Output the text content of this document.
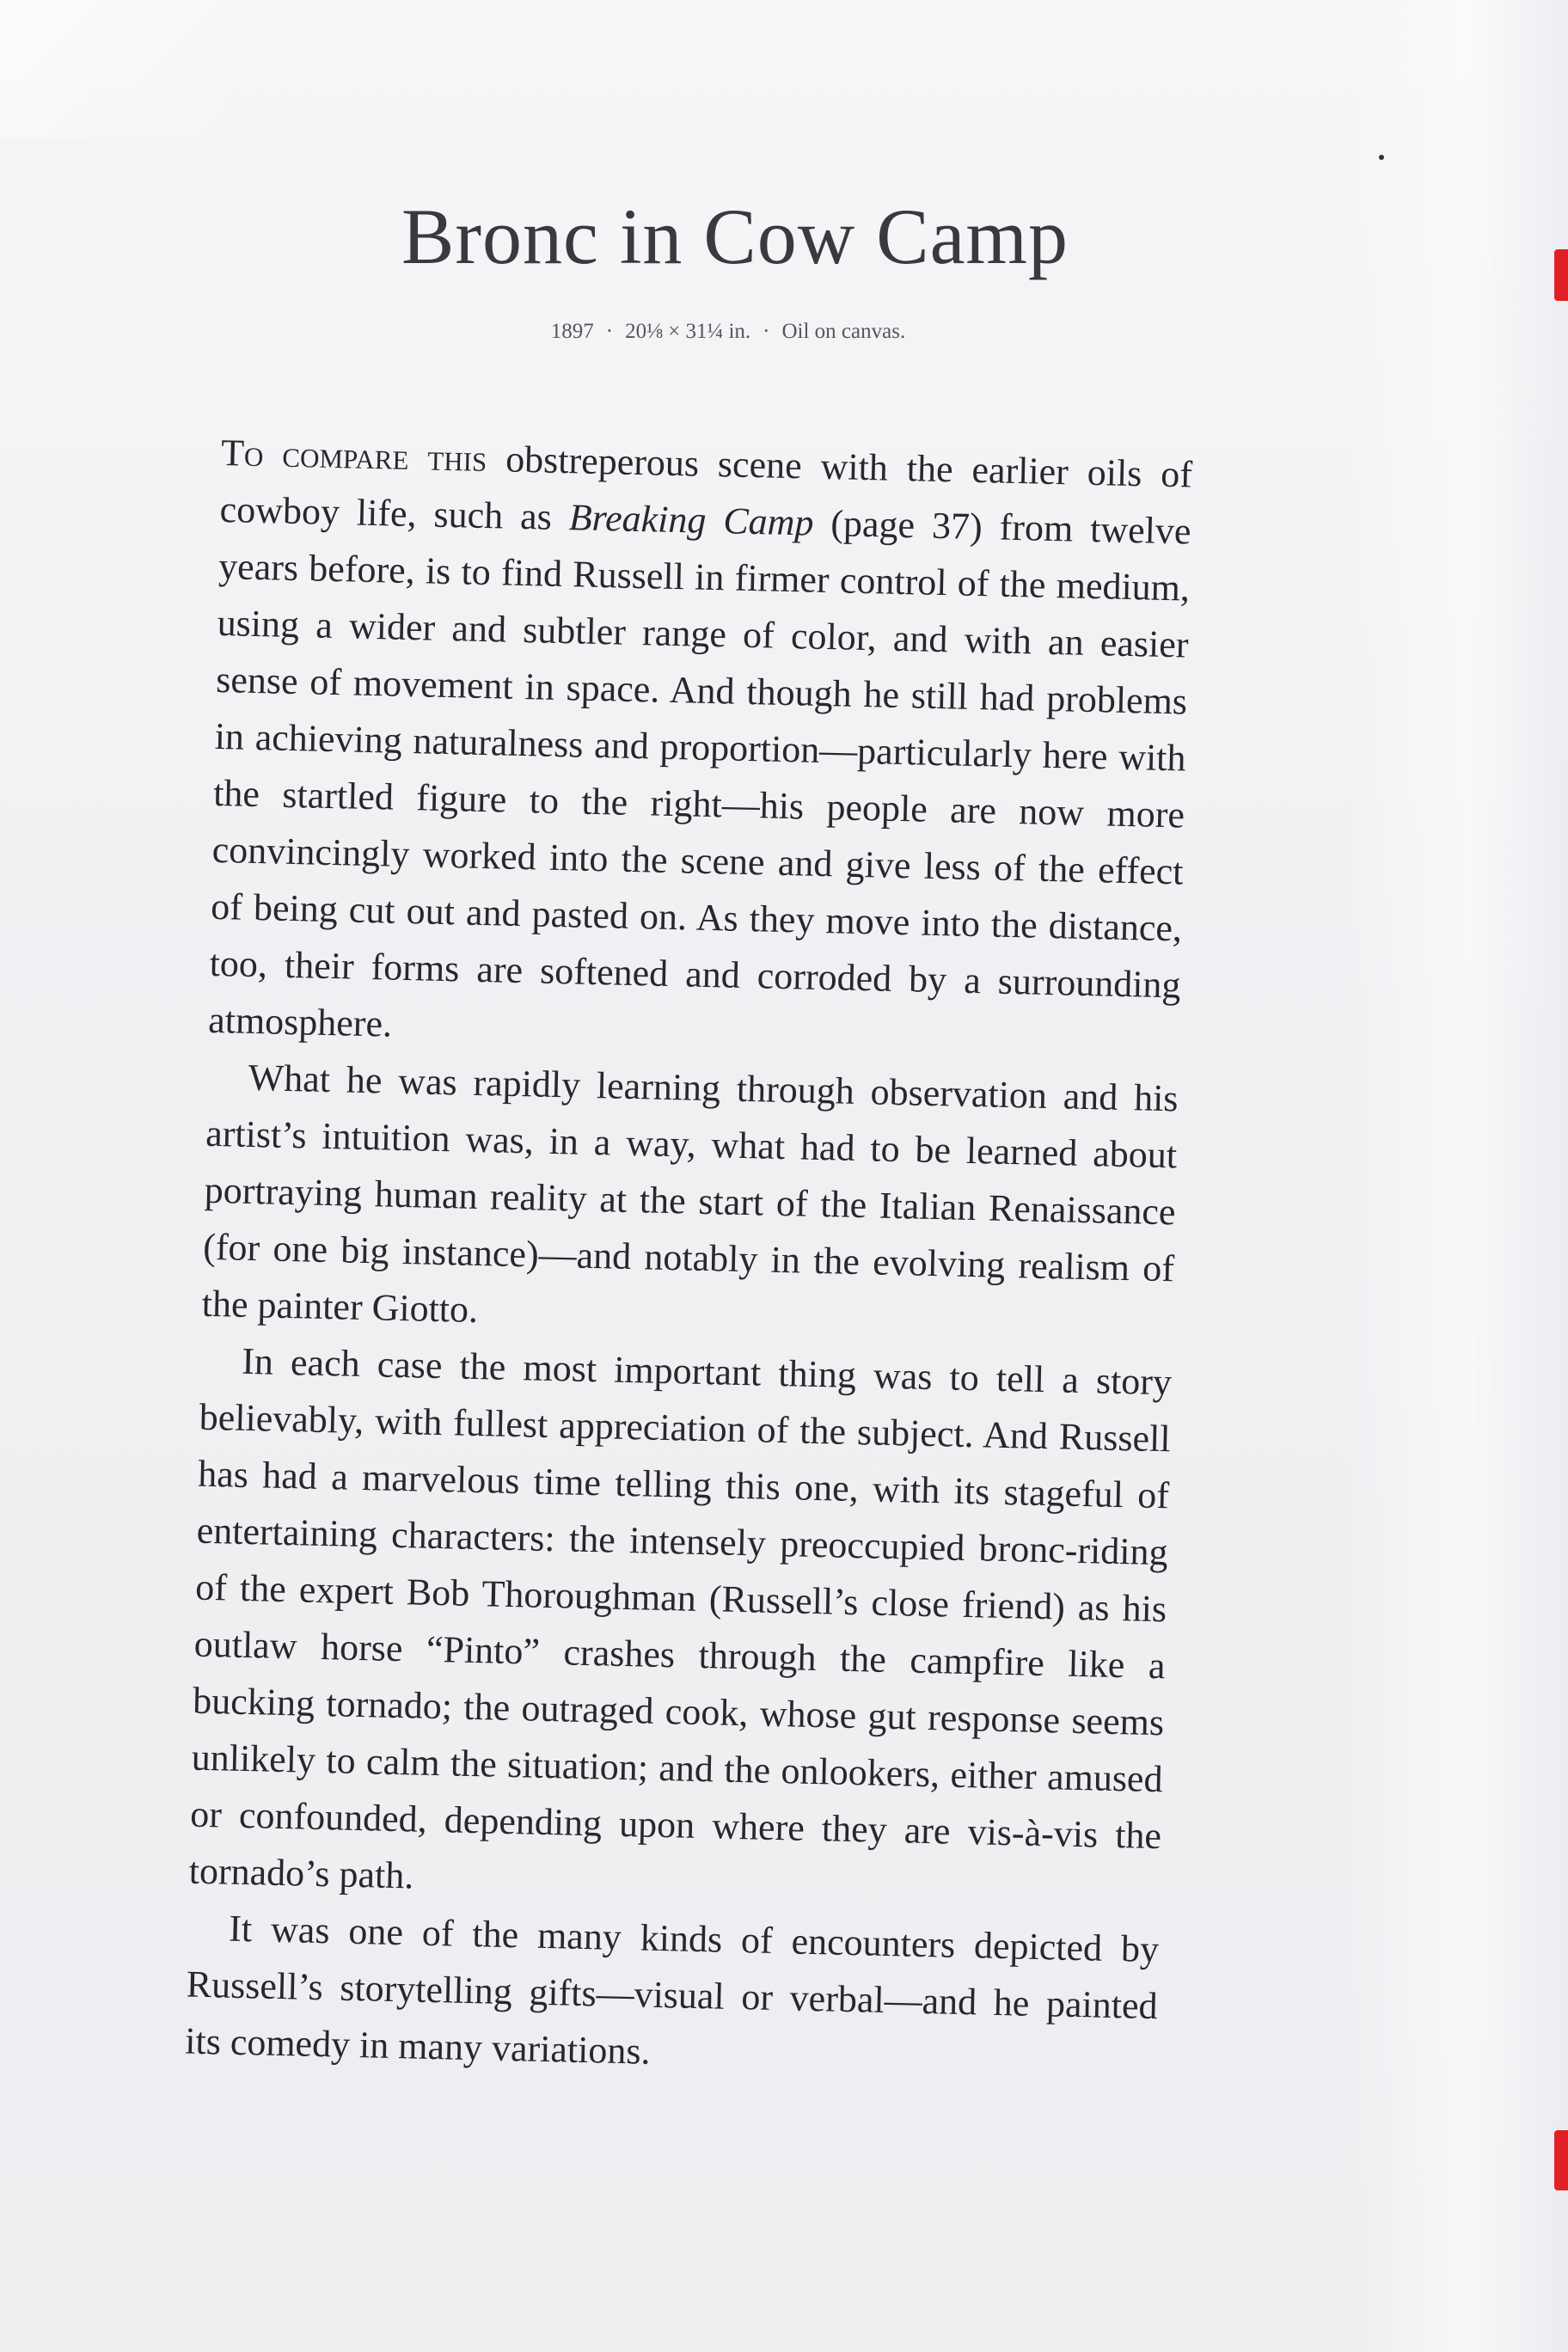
Bronc in Cow Camp
1897 · 20⅛ × 31¼ in. · Oil on canvas.

To compare this obstreperous scene with the earlier oils of cowboy life, such as Breaking Camp (page 37) from twelve years before, is to find Russell in firmer control of the medium, using a wider and subtler range of color, and with an easier sense of movement in space. And though he still had problems in achieving naturalness and proportion—particularly here with the startled figure to the right—his people are now more convincingly worked into the scene and give less of the effect of being cut out and pasted on. As they move into the distance, too, their forms are softened and corroded by a surrounding atmosphere.

What he was rapidly learning through observation and his artist’s intuition was, in a way, what had to be learned about portraying human reality at the start of the Italian Renaissance (for one big instance)—and notably in the evolving realism of the painter Giotto.

In each case the most important thing was to tell a story believably, with fullest appreciation of the subject. And Russell has had a marvelous time telling this one, with its stageful of entertaining characters: the intensely preoccupied bronc-riding of the expert Bob Thoroughman (Russell’s close friend) as his outlaw horse “Pinto” crashes through the campfire like a bucking tornado; the outraged cook, whose gut response seems unlikely to calm the situation; and the onlookers, either amused or confounded, depending upon where they are vis-à-vis the tornado’s path.

It was one of the many kinds of encounters depicted by Russell’s storytelling gifts—visual or verbal—and he painted its comedy in many variations.
